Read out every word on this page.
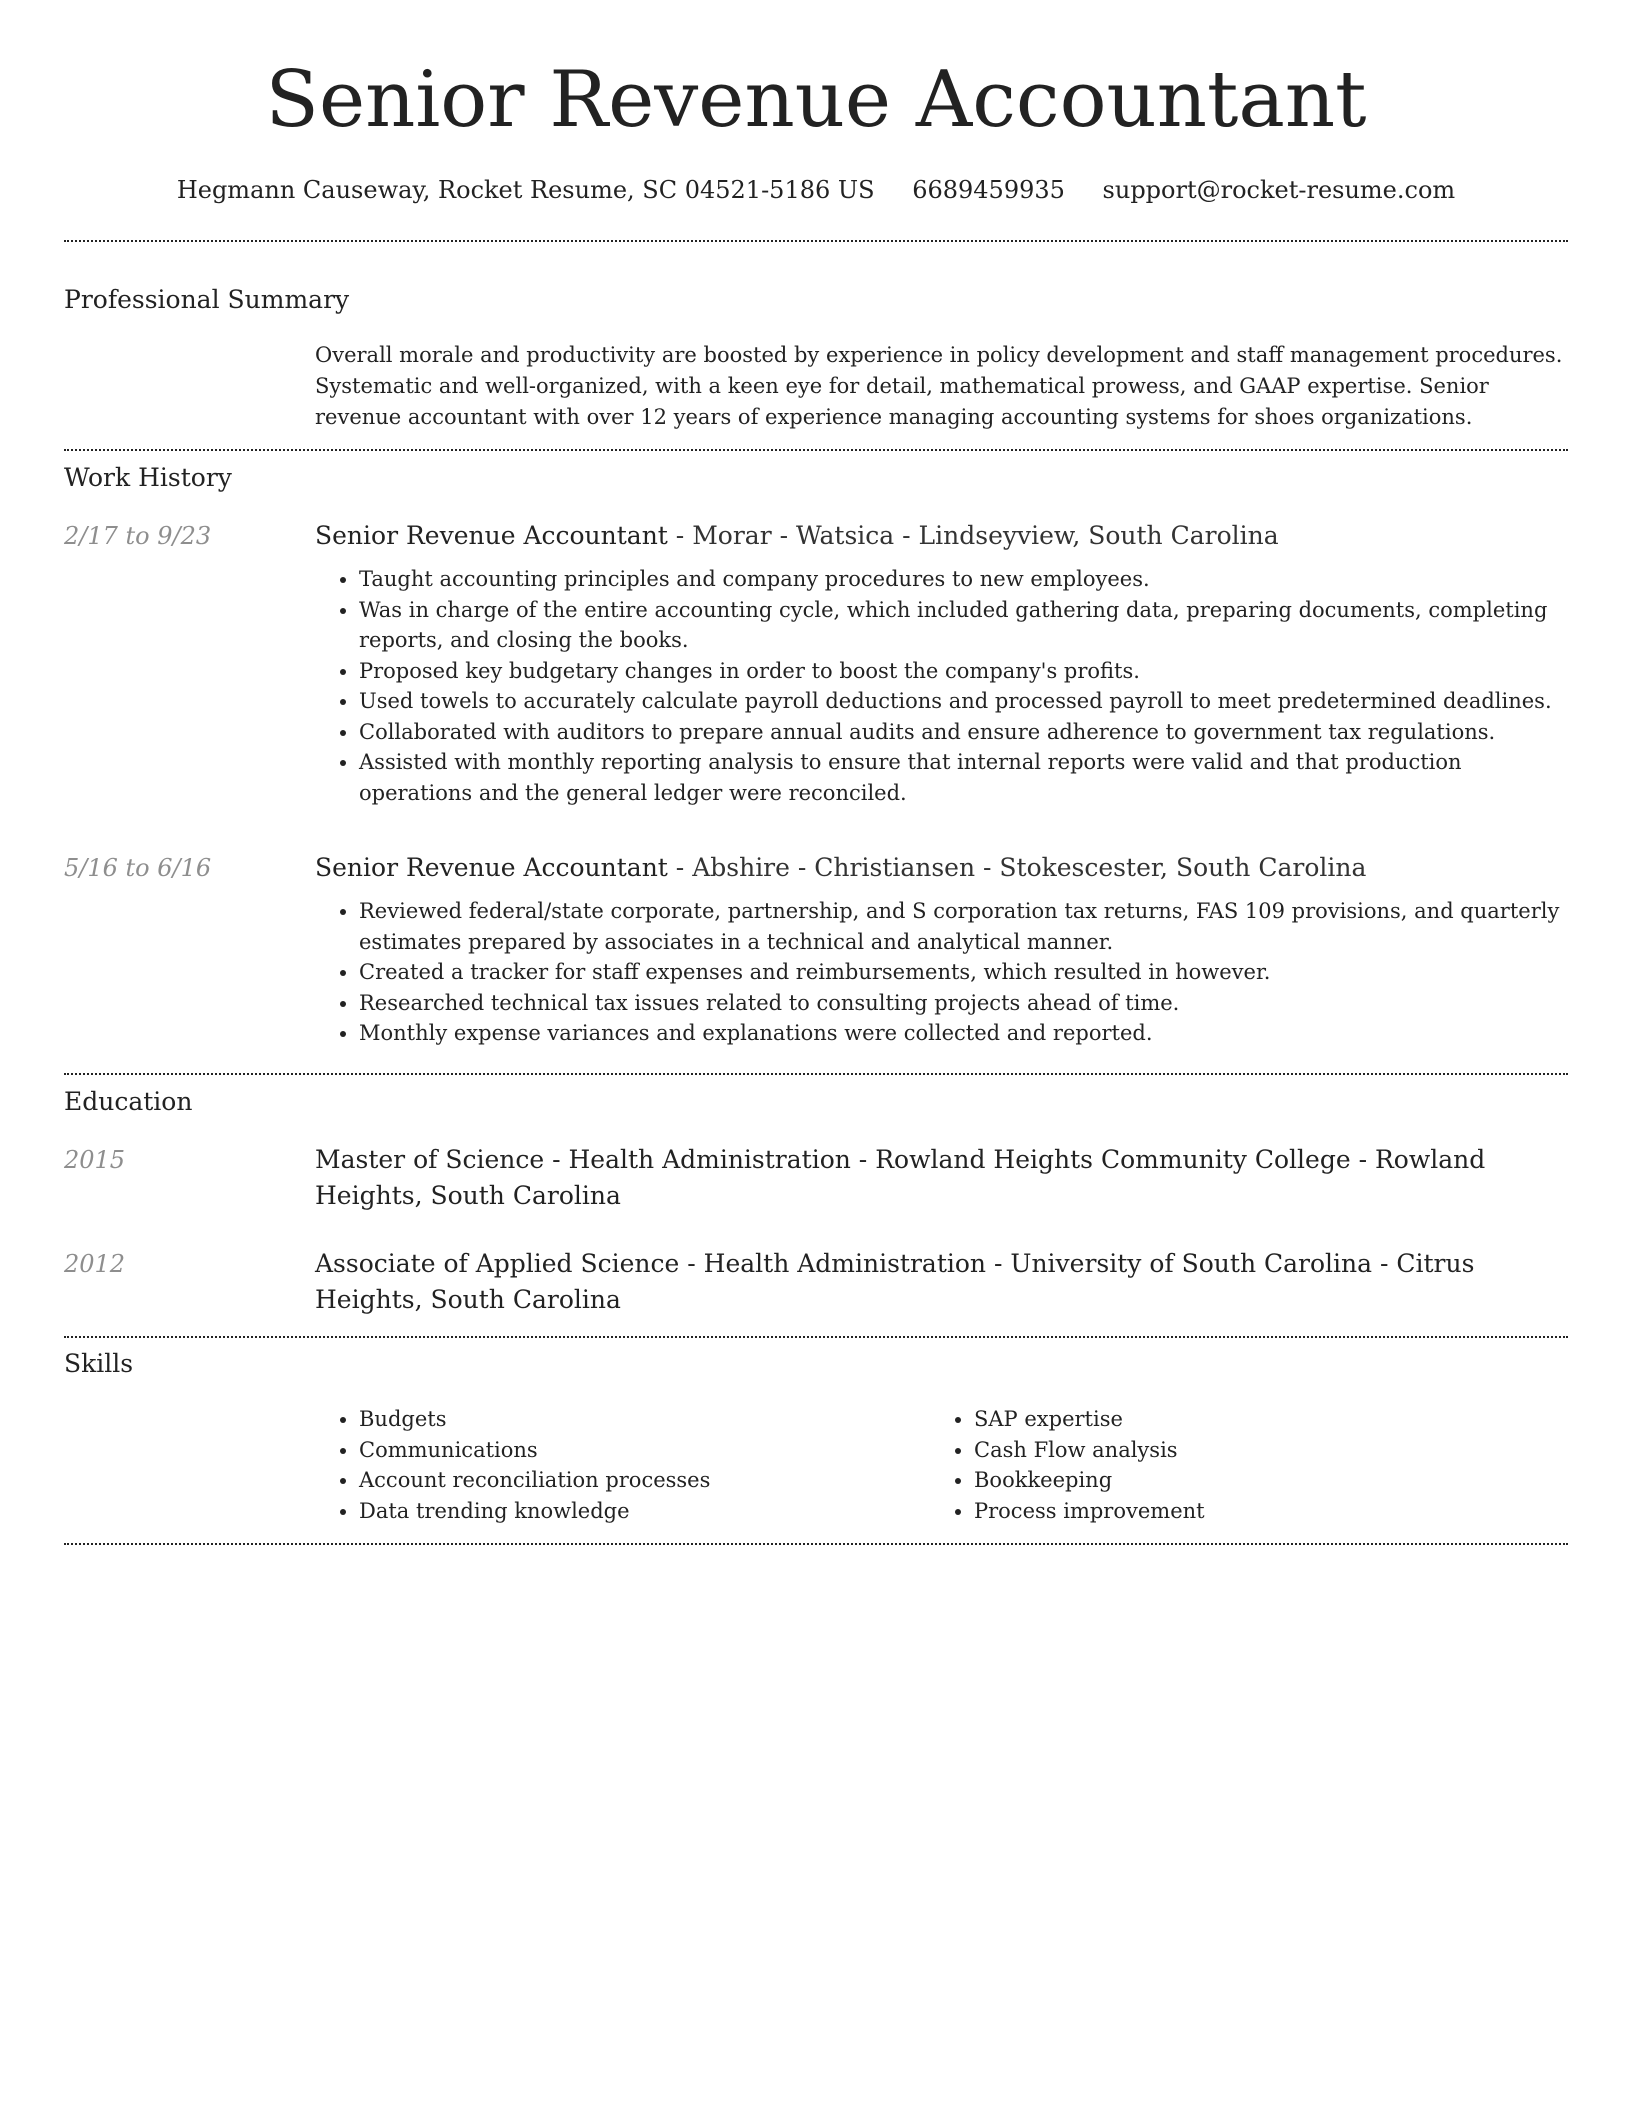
Senior Revenue Accountant
Hegmann Causeway, Rocket Resume, SC 04521-5186 US 6689459935 support@rocket-resume.com
Professional Summary

Overall morale and productivity are boosted by experience in policy development and staff management procedures. Systematic and well-organized, with a keen eye for detail, mathematical prowess, and GAAP expertise. Senior revenue accountant with over 12 years of experience managing accounting systems for shoes organizations.

Work History
2/17 to 9/23	Senior Revenue Accountant - Morar - Watsica - Lindseyview, South Carolina

• Taught accounting principles and company procedures to new employees.
• Was in charge of the entire accounting cycle, which included gathering data, preparing documents, completing reports, and closing the books.
• Proposed key budgetary changes in order to boost the company's profits.
• Used towels to accurately calculate payroll deductions and processed payroll to meet predetermined deadlines.
• Collaborated with auditors to prepare annual audits and ensure adherence to government tax regulations.
• Assisted with monthly reporting analysis to ensure that internal reports were valid and that production operations and the general ledger were reconciled.
5/16 to 6/16	Senior Revenue Accountant - Abshire - Christiansen - Stokescester, South Carolina

• Reviewed federal/state corporate, partnership, and S corporation tax returns, FAS 109 provisions, and quarterly estimates prepared by associates in a technical and analytical manner.
• Created a tracker for staff expenses and reimbursements, which resulted in however.
• Researched technical tax issues related to consulting projects ahead of time.
• Monthly expense variances and explanations were collected and reported.
Education
2015	Master of Science - Health Administration - Rowland Heights Community College - Rowland Heights, South Carolina

2012	Associate of Applied Science - Health Administration - University of South Carolina - Citrus Heights, South Carolina

Skills
• Budgets
• Communications
• Account reconciliation processes
• Data trending knowledge
• SAP expertise
• Cash Flow analysis
• Bookkeeping
• Process improvement
